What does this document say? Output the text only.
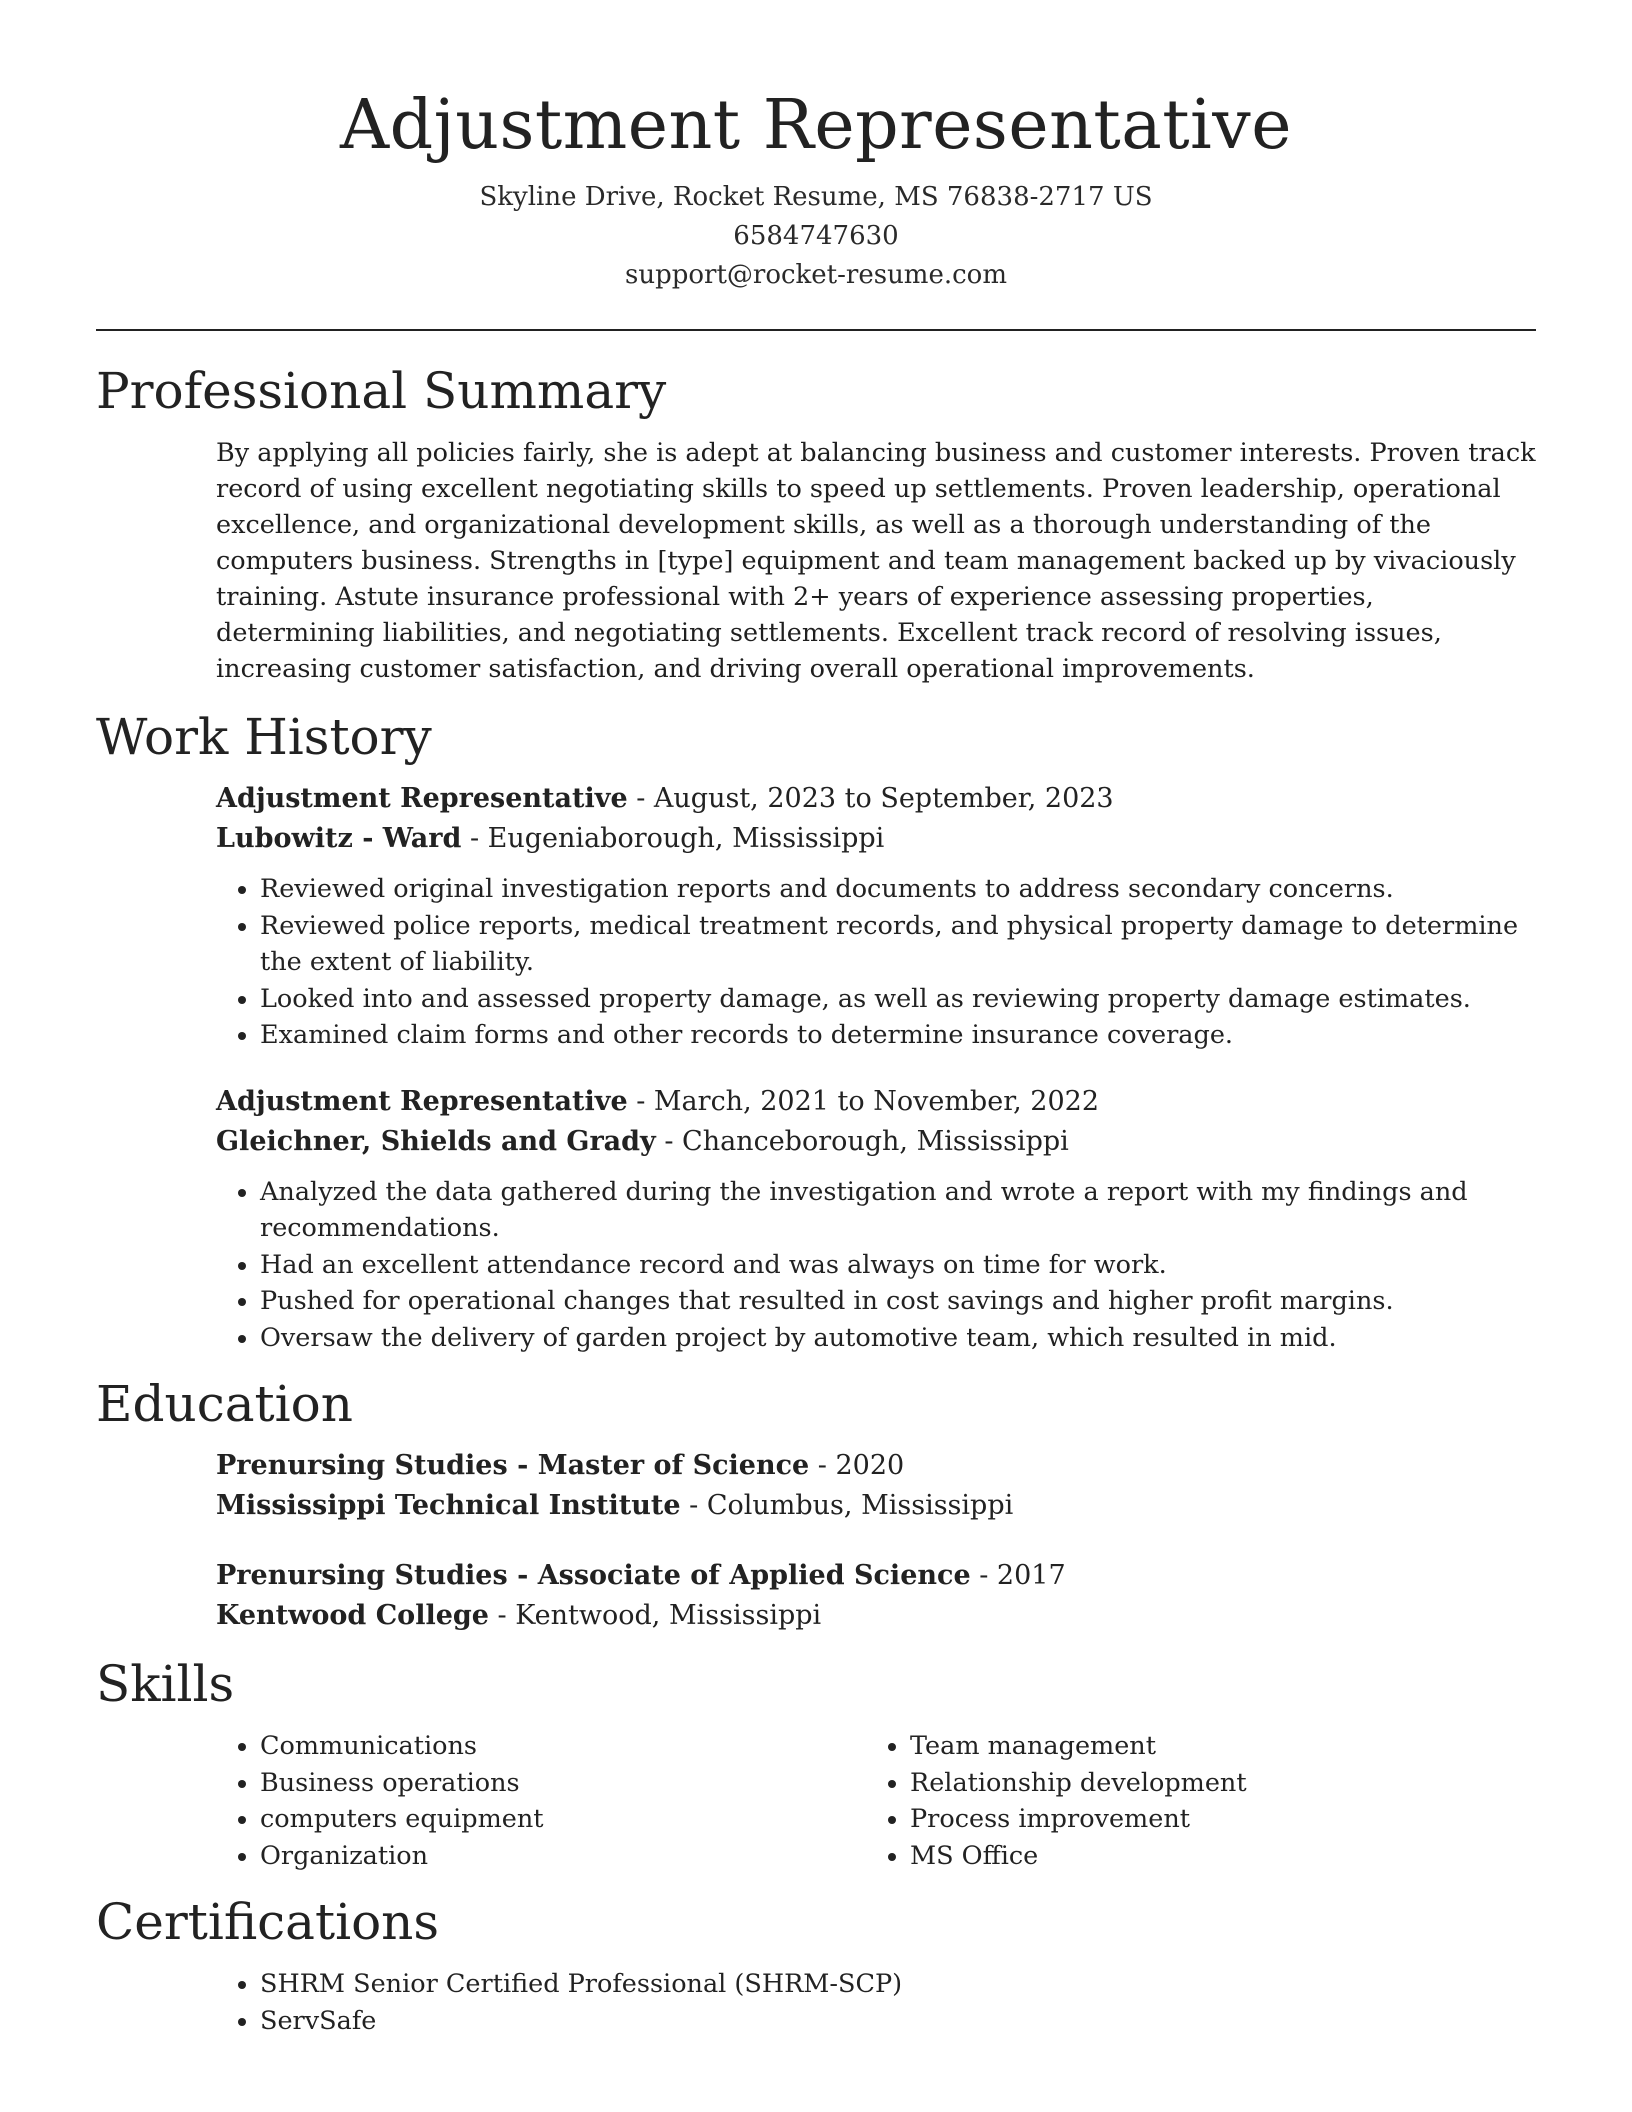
Adjustment Representative
Skyline Drive, Rocket Resume, MS 76838-2717 US
6584747630
support@rocket-resume.com
Professional Summary

By applying all policies fairly, she is adept at balancing business and customer interests. Proven track record of using excellent negotiating skills to speed up settlements. Proven leadership, operational excellence, and organizational development skills, as well as a thorough understanding of the computers business. Strengths in [type] equipment and team management backed up by vivaciously training. Astute insurance professional with 2+ years of experience assessing properties, determining liabilities, and negotiating settlements. Excellent track record of resolving issues, increasing customer satisfaction, and driving overall operational improvements.

Work History
Adjustment Representative - August, 2023 to September, 2023
Lubowitz - Ward - Eugeniaborough, Mississippi
• Reviewed original investigation reports and documents to address secondary concerns.
• Reviewed police reports, medical treatment records, and physical property damage to determine the extent of liability.
• Looked into and assessed property damage, as well as reviewing property damage estimates.
• Examined claim forms and other records to determine insurance coverage.
Adjustment Representative - March, 2021 to November, 2022
Gleichner, Shields and Grady - Chanceborough, Mississippi
• Analyzed the data gathered during the investigation and wrote a report with my findings and recommendations.
• Had an excellent attendance record and was always on time for work.
• Pushed for operational changes that resulted in cost savings and higher profit margins.
• Oversaw the delivery of garden project by automotive team, which resulted in mid.
Education
Prenursing Studies - Master of Science - 2020
Mississippi Technical Institute - Columbus, Mississippi
Prenursing Studies - Associate of Applied Science - 2017
Kentwood College - Kentwood, Mississippi
Skills
• Communications
• Business operations
• computers equipment
• Organization
• Team management
• Relationship development
• Process improvement
• MS Office
Certifications
• SHRM Senior Certified Professional (SHRM-SCP)
• ServSafe
